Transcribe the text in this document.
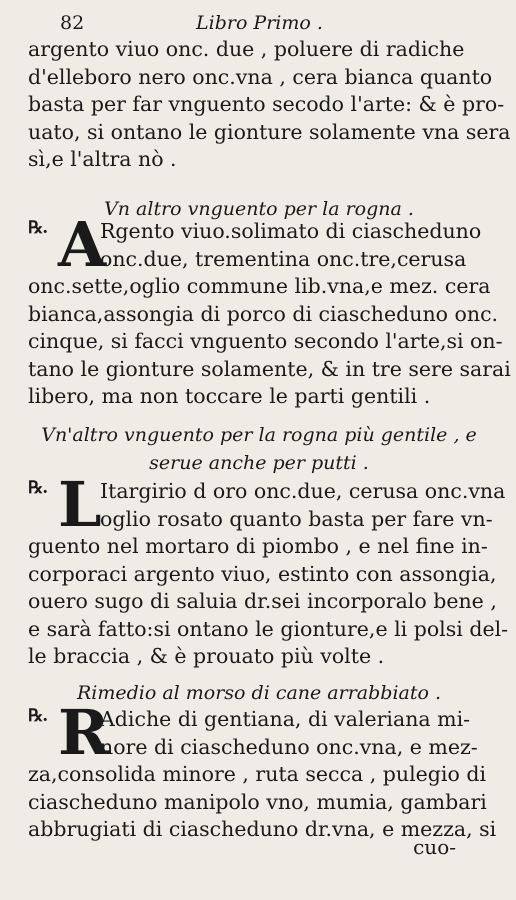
82	Libro Primo .
argento viuo onc. due , poluere di radiche
d'elleboro nero onc.vna , cera bianca quanto
basta per far vnguento secodo l'arte: & è pro-
uato, si ontano le gionture solamente vna sera
sì,e l'altra nò .
Vn altro vnguento per la rogna .
℞. A
Rgento viuo.solimato di ciascheduno
onc.due, trementina onc.tre,cerusa
onc.sette,oglio commune lib.vna,e mez. cera
bianca,assongia di porco di ciascheduno onc.
cinque, si facci vnguento secondo l'arte,si on-
tano le gionture solamente, & in tre sere sarai
libero, ma non toccare le parti gentili .
Vn'altro vnguento per la rogna più gentile , e
serue anche per putti .
℞. L
Itargirio d oro onc.due, cerusa onc.vna
oglio rosato quanto basta per fare vn-
guento nel mortaro di piombo , e nel fine in-
corporaci argento viuo, estinto con assongia,
ouero sugo di saluia dr.sei incorporalo bene ,
e sarà fatto:si ontano le gionture,e li polsi del-
le braccia , & è prouato più volte .
Rimedio al morso di cane arrabbiato .
℞. R
Adiche di gentiana, di valeriana mi-
nore di ciascheduno onc.vna, e mez-
za,consolida minore , ruta secca , pulegio di
ciascheduno manipolo vno, mumia, gambari
abbrugiati di ciascheduno dr.vna, e mezza, si
cuo-
